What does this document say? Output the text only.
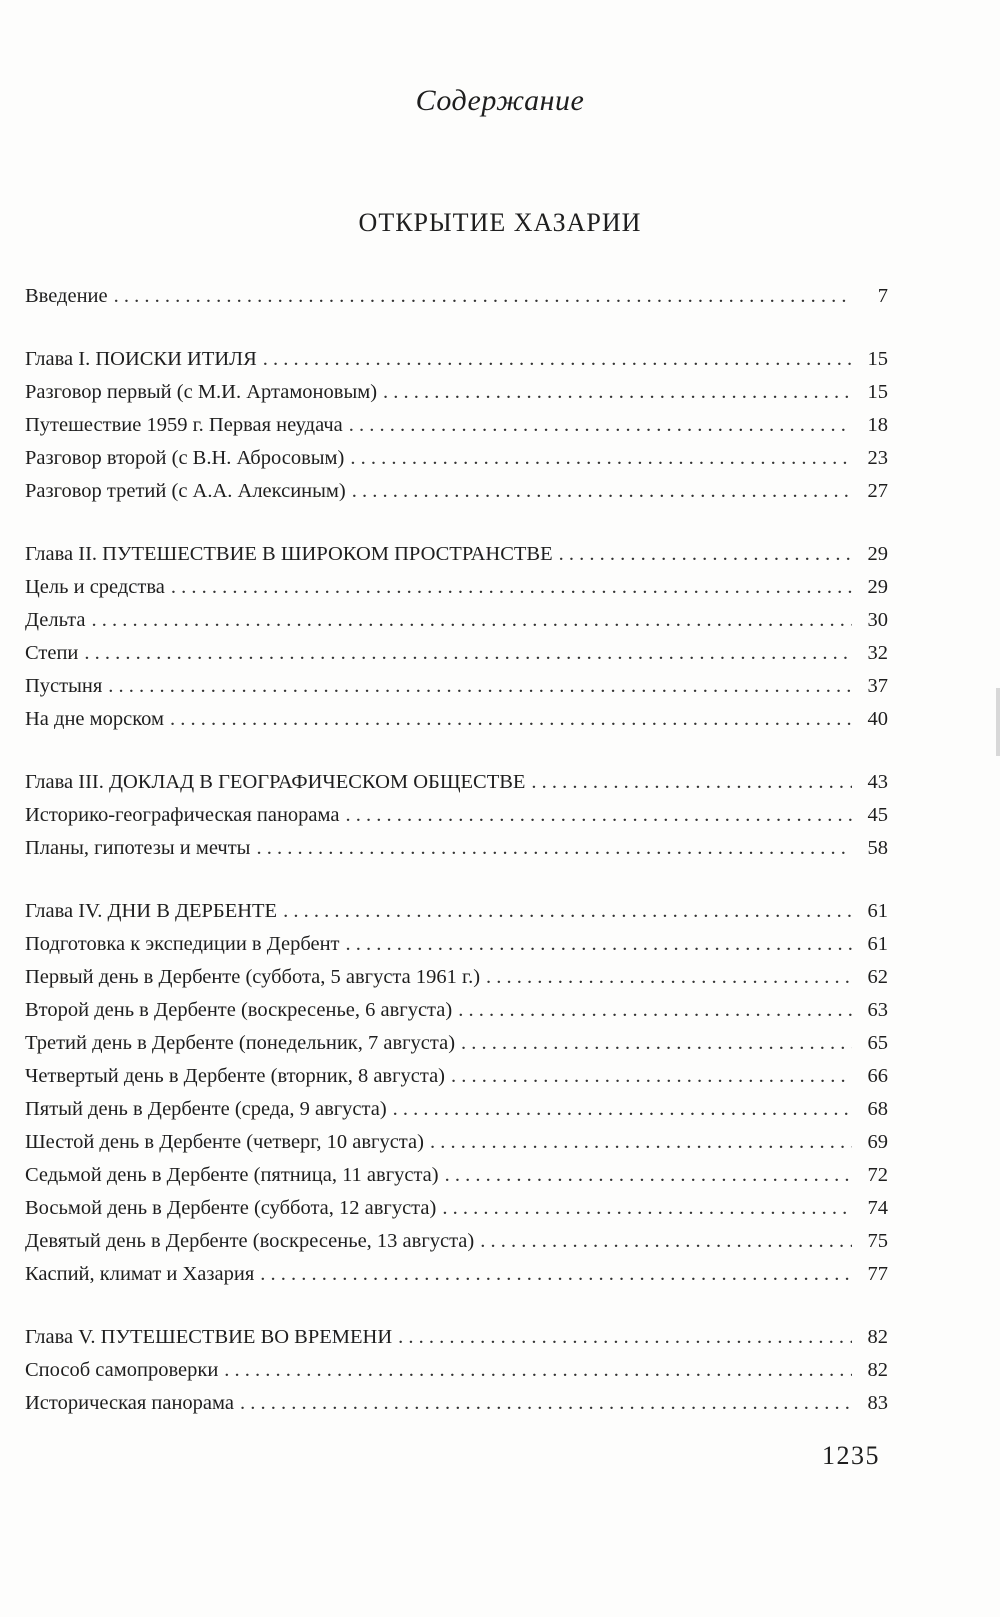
Содержание
ОТКРЫТИЕ ХАЗАРИИ
Введение . . .	7
Глава I. ПОИСКИ ИТИЛЯ . . .	15
Разговор первый (с М.И. Артамоновым) . . .	15
Путешествие 1959 г. Первая неудача . . .	18
Разговор второй (с В.Н. Абросовым) . . .	23
Разговор третий (с А.А. Алексиным) . . .	27
Глава II. ПУТЕШЕСТВИЕ В ШИРОКОМ ПРОСТРАНСТВЕ . . .	29
Цель и средства . . .	29
Дельта . . .	30
Степи . . .	32
Пустыня . . .	37
На дне морском . . .	40
Глава III. ДОКЛАД В ГЕОГРАФИЧЕСКОМ ОБЩЕСТВЕ . . .	43
Историко-географическая панорама . . .	45
Планы, гипотезы и мечты . . .	58
Глава IV. ДНИ В ДЕРБЕНТЕ . . .	61
Подготовка к экспедиции в Дербент . . .	61
Первый день в Дербенте (суббота, 5 августа 1961 г.) . . .	62
Второй день в Дербенте (воскресенье, 6 августа) . . .	63
Третий день в Дербенте (понедельник, 7 августа) . . .	65
Четвертый день в Дербенте (вторник, 8 августа) . . .	66
Пятый день в Дербенте (среда, 9 августа) . . .	68
Шестой день в Дербенте (четверг, 10 августа) . . .	69
Седьмой день в Дербенте (пятница, 11 августа) . . .	72
Восьмой день в Дербенте (суббота, 12 августа) . . .	74
Девятый день в Дербенте (воскресенье, 13 августа) . . .	75
Каспий, климат и Хазария . . .	77
Глава V. ПУТЕШЕСТВИЕ ВО ВРЕМЕНИ . . .	82
Способ самопроверки . . .	82
Историческая панорама . . .	83
1235
